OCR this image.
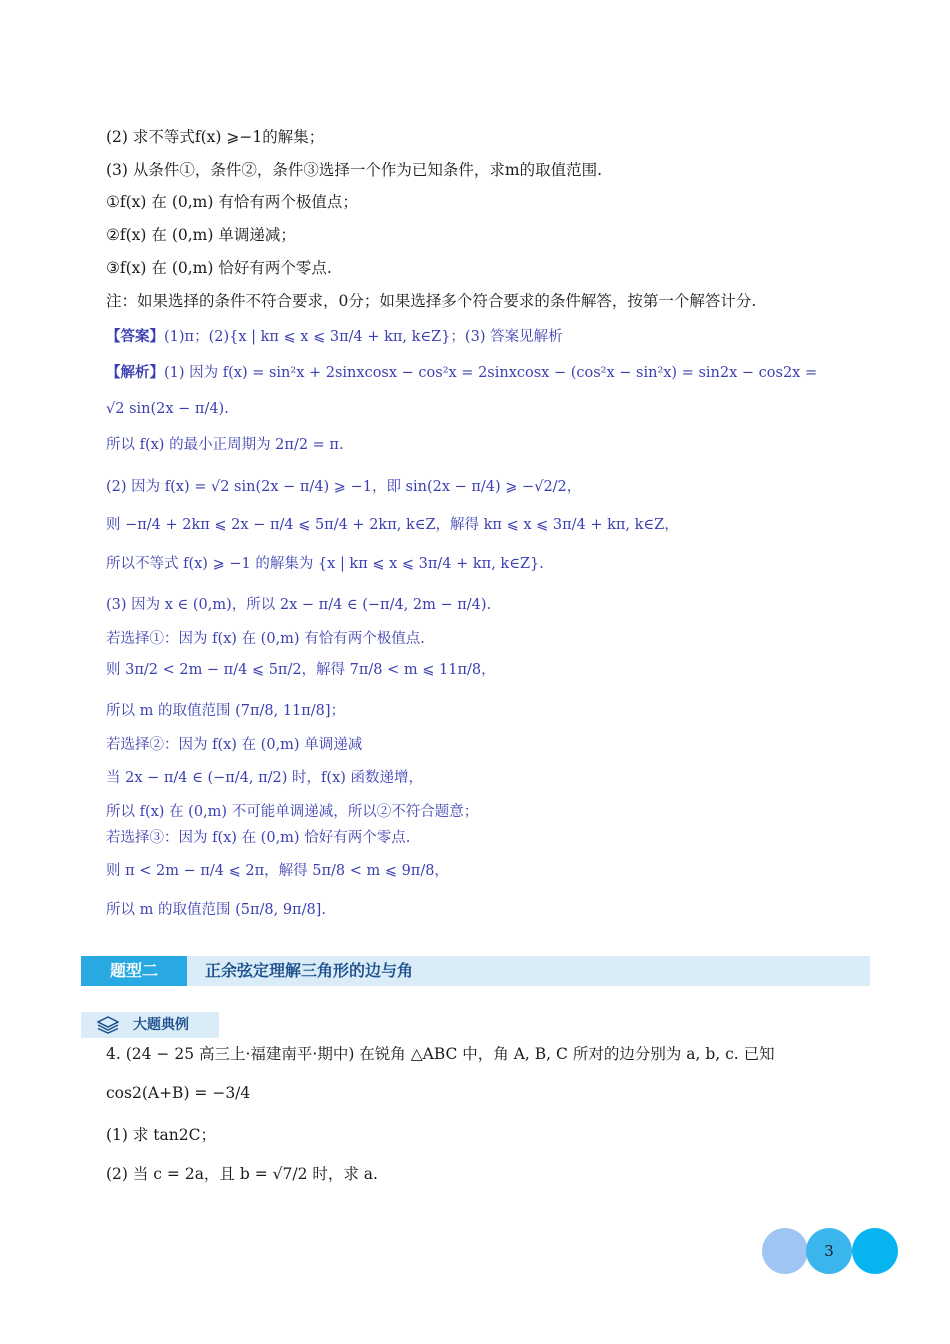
(2) 求不等式f(x) ⩾−1的解集；
(3) 从条件①，条件②，条件③选择一个作为已知条件，求m的取值范围.
①f(x) 在 (0,m) 有恰有两个极值点；
②f(x) 在 (0,m) 单调递减；
③f(x) 在 (0,m) 恰好有两个零点.
注：如果选择的条件不符合要求，0分；如果选择多个符合要求的条件解答，按第一个解答计分.
【答案】(1)π；(2){x | kπ ⩽ x ⩽ 3π/4 + kπ, k∈Z}；(3) 答案见解析
【解析】(1) 因为 f(x) = sin²x + 2sinxcosx − cos²x = 2sinxcosx − (cos²x − sin²x) = sin2x − cos2x =
√2 sin(2x − π/4).
所以 f(x) 的最小正周期为 2π/2 = π.
(2) 因为 f(x) = √2 sin(2x − π/4) ⩾ −1，即 sin(2x − π/4) ⩾ −√2/2，
则 −π/4 + 2kπ ⩽ 2x − π/4 ⩽ 5π/4 + 2kπ, k∈Z，解得 kπ ⩽ x ⩽ 3π/4 + kπ, k∈Z，
所以不等式 f(x) ⩾ −1 的解集为 {x | kπ ⩽ x ⩽ 3π/4 + kπ, k∈Z}.
(3) 因为 x ∈ (0,m)，所以 2x − π/4 ∈ (−π/4, 2m − π/4).
若选择①：因为 f(x) 在 (0,m) 有恰有两个极值点.
则 3π/2 < 2m − π/4 ⩽ 5π/2，解得 7π/8 < m ⩽ 11π/8，
所以 m 的取值范围 (7π/8, 11π/8]；
若选择②：因为 f(x) 在 (0,m) 单调递减
当 2x − π/4 ∈ (−π/4, π/2) 时，f(x) 函数递增，
所以 f(x) 在 (0,m) 不可能单调递减，所以②不符合题意；
若选择③：因为 f(x) 在 (0,m) 恰好有两个零点.
则 π < 2m − π/4 ⩽ 2π，解得 5π/8 < m ⩽ 9π/8，
所以 m 的取值范围 (5π/8, 9π/8].
题型二	正余弦定理解三角形的边与角
大题典例
4. (24 − 25 高三上·福建南平·期中) 在锐角 △ABC 中，角 A, B, C 所对的边分别为 a, b, c. 已知
cos2(A+B) = −3/4
(1) 求 tan2C；
(2) 当 c = 2a，且 b = √7/2 时，求 a.
3
